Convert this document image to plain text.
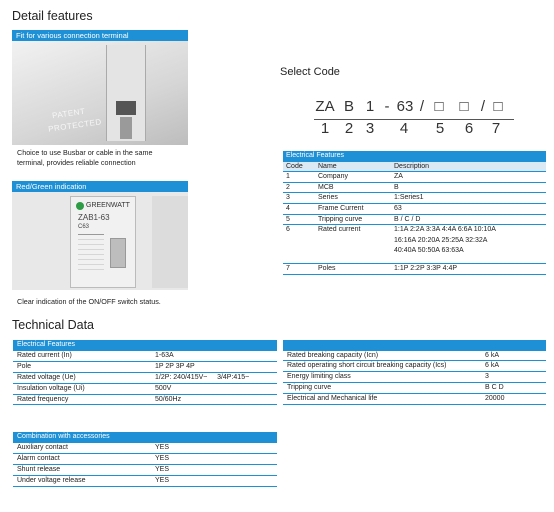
Detail features
Fit for various connection terminal
PATENT
PROTECTED
Choice to use Busbar or cable in the same
terminal, provides reliable connection
Red/Green indication
GREENWATT
ZAB1-63
C63
Clear indication of the ON/OFF switch status.
Select Code
ZA B 1 - 63 / □	□ / □
1	2 3	4	5	6	7
Electrical Features		
Code	Name	Description
1	Company	ZA
2	MCB	B
3	Series	1:Series1
4	Frame Current	63
5	Tripping curve	B / C / D
6	Rated current	1:1A 2:2A 3:3A 4:4A 6:6A 10:10A
16:16A 20:20A 25:25A 32:32A
40:40A 50:50A 63:63A

7	Poles	1:1P 2:2P 3:3P 4:4P
Technical Data
Electrical Features	
Rated current (In)	1-63A
Pole	1P 2P 3P 4P
Rated voltage (Ue)	1/2P: 240/415V~     3/4P:415~
Insulation voltage (Ui)	500V
Rated frequency	50/60Hz

Rated breaking capacity (Icn)	6 kA
Rated operating short circuit breaking capacity (Ics)	6 kA
Energy limiting class	3
Tripping curve	B C D
Electrical and Mechanical life	20000
Combination with accessories	
Auxiliary contact	YES
Alarm contact	YES
Shunt release	YES
Under voltage release	YES
